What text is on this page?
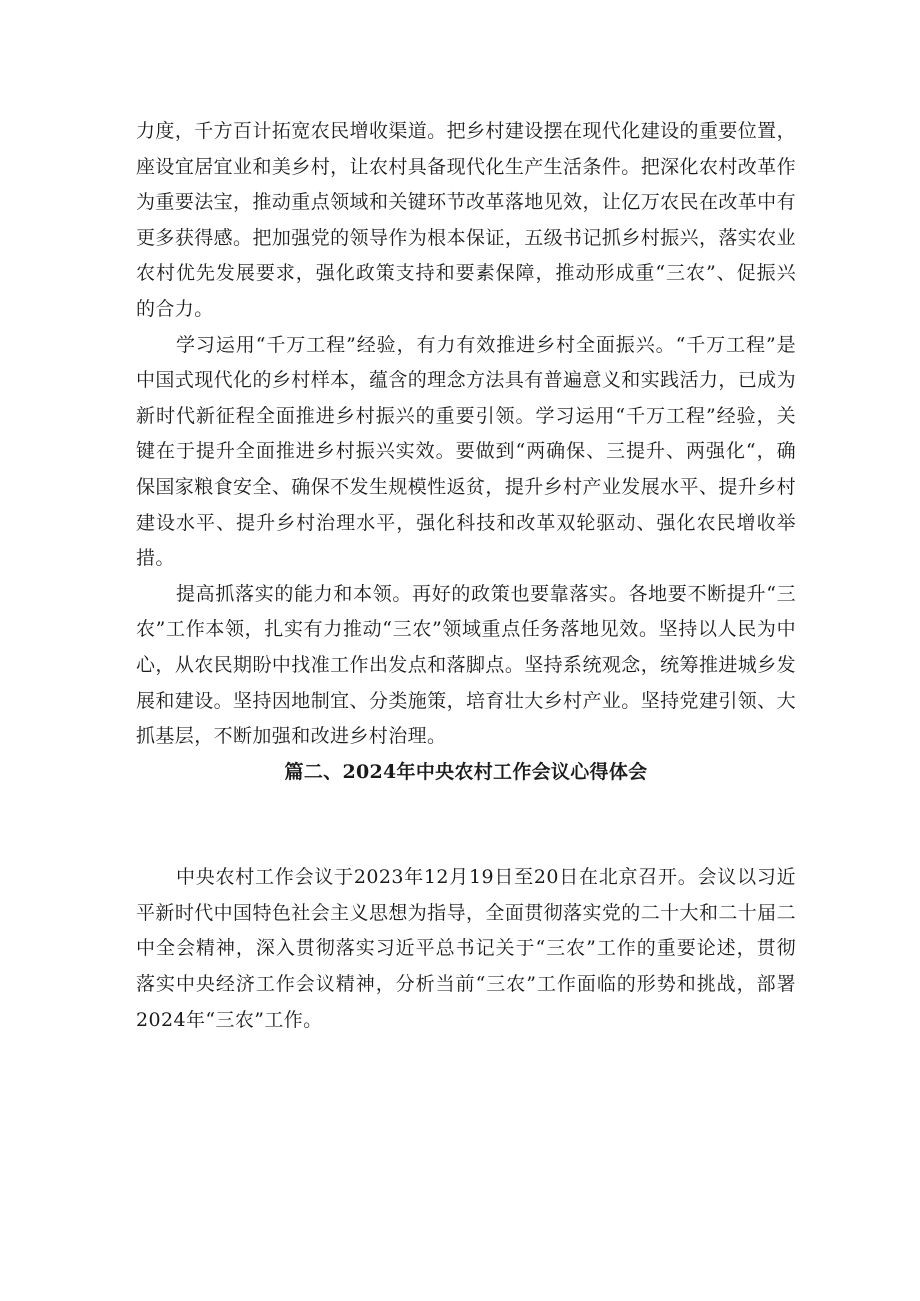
力度，千方百计拓宽农民增收渠道。把乡村建设摆在现代化建设的重要位置，座设宜居宜业和美乡村，让农村具备现代化生产生活条件。把深化农村改革作为重要法宝，推动重点领域和关键环节改革落地见效，让亿万农民在改革中有更多获得感。把加强党的领导作为根本保证，五级书记抓乡村振兴，落实农业农村优先发展要求，强化政策支持和要素保障，推动形成重“三农”、促振兴的合力。

学习运用“千万工程”经验，有力有效推进乡村全面振兴。“千万工程”是中国式现代化的乡村样本，蕴含的理念方法具有普遍意义和实践活力，已成为新时代新征程全面推进乡村振兴的重要引领。学习运用“千万工程”经验，关键在于提升全面推进乡村振兴实效。要做到“两确保、三提升、两强化“，确保国家粮食安全、确保不发生规模性返贫，提升乡村产业发展水平、提升乡村建设水平、提升乡村治理水平，强化科技和改革双轮驱动、强化农民增收举措。

提高抓落实的能力和本领。再好的政策也要靠落实。各地要不断提升“三农”工作本领，扎实有力推动“三农”领域重点任务落地见效。坚持以人民为中心，从农民期盼中找准工作出发点和落脚点。坚持系统观念，统筹推进城乡发展和建设。坚持因地制宜、分类施策，培育壮大乡村产业。坚持党建引领、大抓基层，不断加强和改进乡村治理。

篇二、2024年中央农村工作会议心得体会

中央农村工作会议于2023年12月19日至20日在北京召开。会议以习近平新时代中国特色社会主义思想为指导，全面贯彻落实党的二十大和二十届二中全会精神，深入贯彻落实习近平总书记关于“三农”工作的重要论述，贯彻落实中央经济工作会议精神，分析当前“三农”工作面临的形势和挑战，部署2024年“三农”工作。
